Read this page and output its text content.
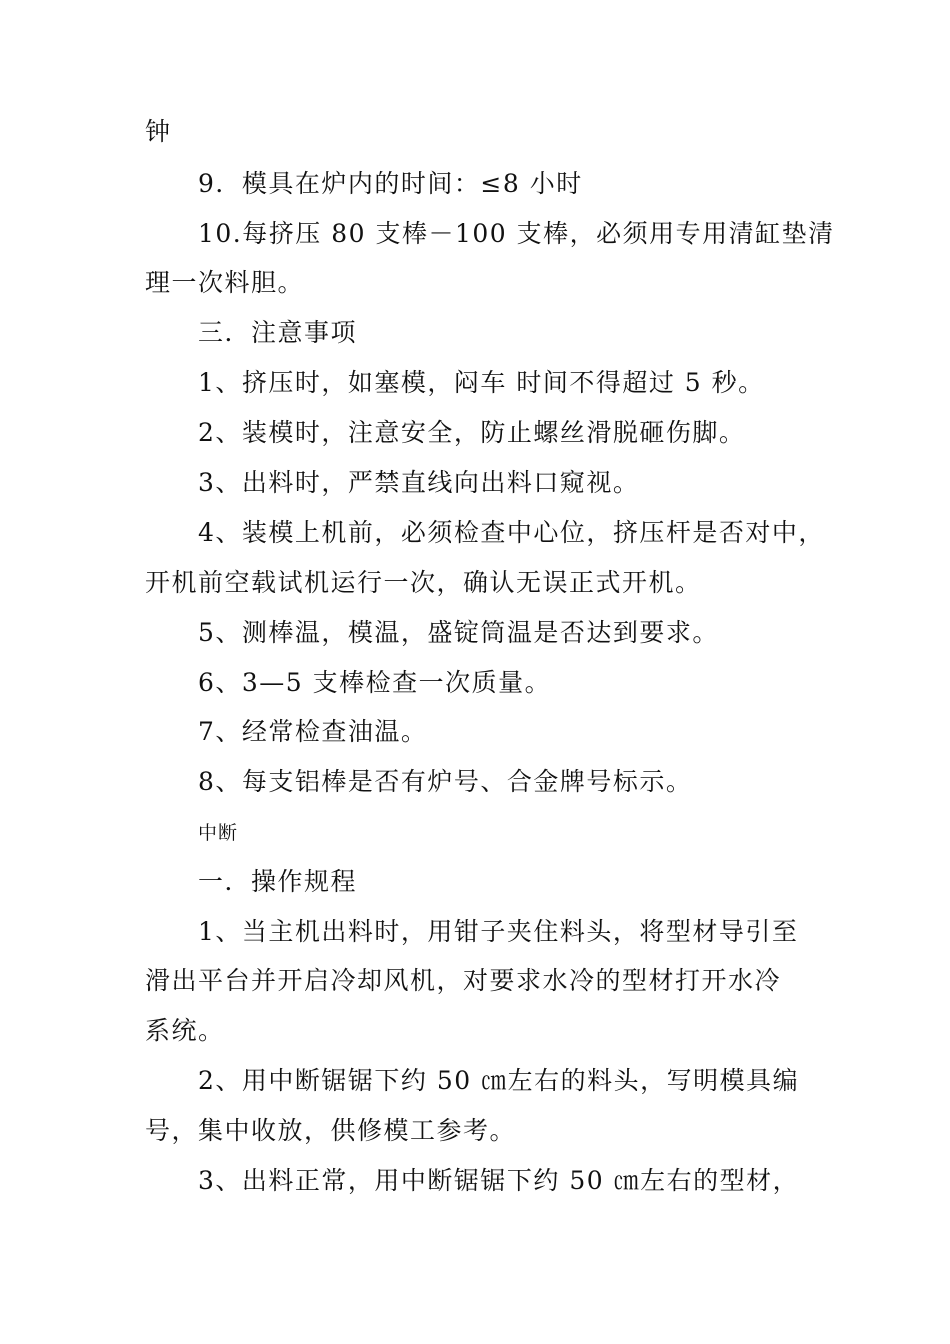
钟
9．模具在炉内的时间：≤8 小时
10.每挤压 80 支棒－100 支棒，必须用专用清缸垫清
理一次料胆。
三．注意事项
1、挤压时，如塞模，闷车 时间不得超过 5 秒。
2、装模时，注意安全，防止螺丝滑脱砸伤脚。
3、出料时，严禁直线向出料口窥视。
4、装模上机前，必须检查中心位，挤压杆是否对中，
开机前空载试机运行一次，确认无误正式开机。
5、测棒温，模温，盛锭筒温是否达到要求。
6、3—5 支棒检查一次质量。
7、经常检查油温。
8、每支铝棒是否有炉号、合金牌号标示。
中断
一．操作规程
1、当主机出料时，用钳子夹住料头，将型材导引至
滑出平台并开启冷却风机，对要求水冷的型材打开水冷
系统。
2、用中断锯锯下约 50 ㎝左右的料头，写明模具编
号，集中收放，供修模工参考。
3、出料正常，用中断锯锯下约 50 ㎝左右的型材，
